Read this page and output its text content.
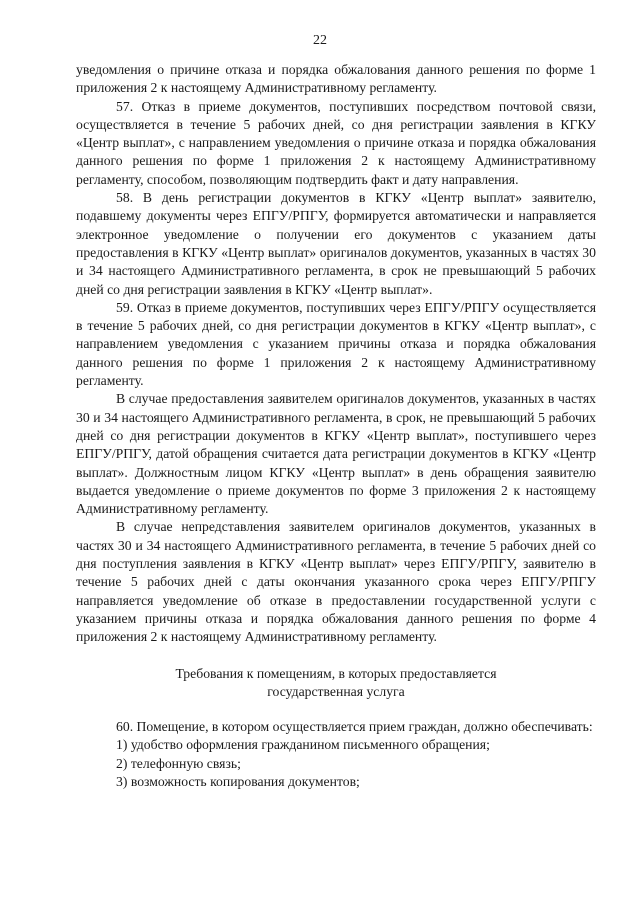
22

уведомления о причине отказа и порядка обжалования данного решения по форме 1 приложения 2 к настоящему Административному регламенту.

57. Отказ в приеме документов, поступивших посредством почтовой связи, осуществляется в течение 5 рабочих дней, со дня регистрации заявления в КГКУ «Центр выплат», с направлением уведомления о причине отказа и порядка обжалования данного решения по форме 1 приложения 2 к настоящему Административному регламенту, способом, позволяющим подтвердить факт и дату направления.

58. В день регистрации документов в КГКУ «Центр выплат» заявителю, подавшему документы через ЕПГУ/РПГУ, формируется автоматически и направляется электронное уведомление о получении его документов с указанием даты предоставления в КГКУ «Центр выплат» оригиналов документов, указанных в частях 30 и 34 настоящего Административного регламента, в срок не превышающий 5 рабочих дней со дня регистрации заявления в КГКУ «Центр выплат».

59. Отказ в приеме документов, поступивших через ЕПГУ/РПГУ осуществляется в течение 5 рабочих дней, со дня регистрации документов в КГКУ «Центр выплат», с направлением уведомления с указанием причины отказа и порядка обжалования данного решения по форме 1 приложения 2 к настоящему Административному регламенту.

В случае предоставления заявителем оригиналов документов, указанных в частях 30 и 34 настоящего Административного регламента, в срок, не превышающий 5 рабочих дней со дня регистрации документов в КГКУ «Центр выплат», поступившего через ЕПГУ/РПГУ, датой обращения считается дата регистрации документов в КГКУ «Центр выплат». Должностным лицом КГКУ «Центр выплат» в день обращения заявителю выдается уведомление о приеме документов по форме 3 приложения 2 к настоящему Административному регламенту.

В случае непредставления заявителем оригиналов документов, указанных в частях 30 и 34 настоящего Административного регламента, в течение 5 рабочих дней со дня поступления заявления в КГКУ «Центр выплат» через ЕПГУ/РПГУ, заявителю в течение 5 рабочих дней с даты окончания указанного срока через ЕПГУ/РПГУ направляется уведомление об отказе в предоставлении государственной услуги с указанием причины отказа и порядка обжалования данного решения по форме 4 приложения 2 к настоящему Административному регламенту.

Требования к помещениям, в которых предоставляется
государственная услуга

60. Помещение, в котором осуществляется прием граждан, должно обеспечивать:

1) удобство оформления гражданином письменного обращения;

2) телефонную связь;

3) возможность копирования документов;
